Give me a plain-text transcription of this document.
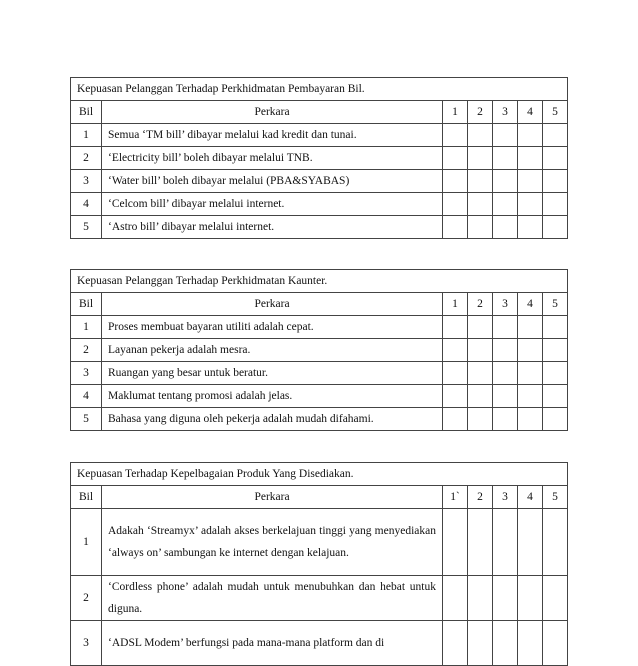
Kepuasan Pelanggan Terhadap Perkhidmatan Pembayaran Bil.						
Bil	Perkara	1	2	3	4	5
1	Semua ‘TM bill’ dibayar melalui kad kredit dan tunai.					
2	‘Electricity bill’ boleh dibayar melalui TNB.					
3	‘Water bill’ boleh dibayar melalui (PBA&SYABAS)					
4	‘Celcom bill’ dibayar melalui internet.					
5	‘Astro bill’ dibayar melalui internet.					
Kepuasan Pelanggan Terhadap Perkhidmatan Kaunter.						
Bil	Perkara	1	2	3	4	5
1	Proses membuat bayaran utiliti adalah cepat.					
2	Layanan pekerja adalah mesra.					
3	Ruangan yang besar untuk beratur.					
4	Maklumat tentang promosi adalah jelas.					
5	Bahasa yang diguna oleh pekerja adalah mudah difahami.					
Kepuasan Terhadap Kepelbagaian Produk Yang Disediakan.						
Bil	Perkara	1`	2	3	4	5
1	Adakah ‘Streamyx’ adalah akses berkelajuan tinggi yang menyediakan ‘always on’ sambungan ke internet dengan kelajuan.					
2	‘Cordless phone’ adalah mudah untuk menubuhkan dan hebat untuk diguna.					
3	‘ADSL Modem’ berfungsi pada mana-mana platform dan di					
